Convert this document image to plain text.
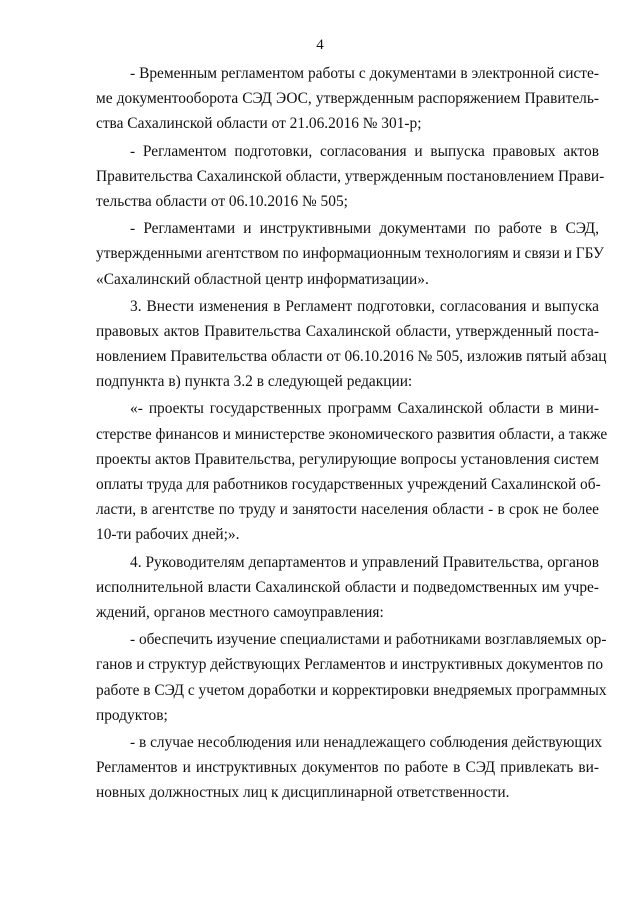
4
- Временным регламентом работы с документами в электронной систе-
ме документооборота СЭД ЭОС, утвержденным распоряжением Правитель-
ства Сахалинской области от 21.06.2016 № 301-р;
- Регламентом подготовки, согласования и выпуска правовых актов
Правительства Сахалинской области, утвержденным постановлением Прави-
тельства области от 06.10.2016 № 505;
- Регламентами и инструктивными документами по работе в СЭД,
утвержденными агентством по информационным технологиям и связи и ГБУ
«Сахалинский областной центр информатизации».
3. Внести изменения в Регламент подготовки, согласования и выпуска
правовых актов Правительства Сахалинской области, утвержденный поста-
новлением Правительства области от 06.10.2016 № 505, изложив пятый абзац
подпункта в) пункта 3.2 в следующей редакции:
«- проекты государственных программ Сахалинской области в мини-
стерстве финансов и министерстве экономического развития области, а также
проекты актов Правительства, регулирующие вопросы установления систем
оплаты труда для работников государственных учреждений Сахалинской об-
ласти, в агентстве по труду и занятости населения области - в срок не более
10-ти рабочих дней;».
4. Руководителям департаментов и управлений Правительства, органов
исполнительной власти Сахалинской области и подведомственных им учре-
ждений, органов местного самоуправления:
- обеспечить изучение специалистами и работниками возглавляемых ор-
ганов и структур действующих Регламентов и инструктивных документов по
работе в СЭД с учетом доработки и корректировки внедряемых программных
продуктов;
- в случае несоблюдения или ненадлежащего соблюдения действующих
Регламентов и инструктивных документов по работе в СЭД привлекать ви-
новных должностных лиц к дисциплинарной ответственности.
